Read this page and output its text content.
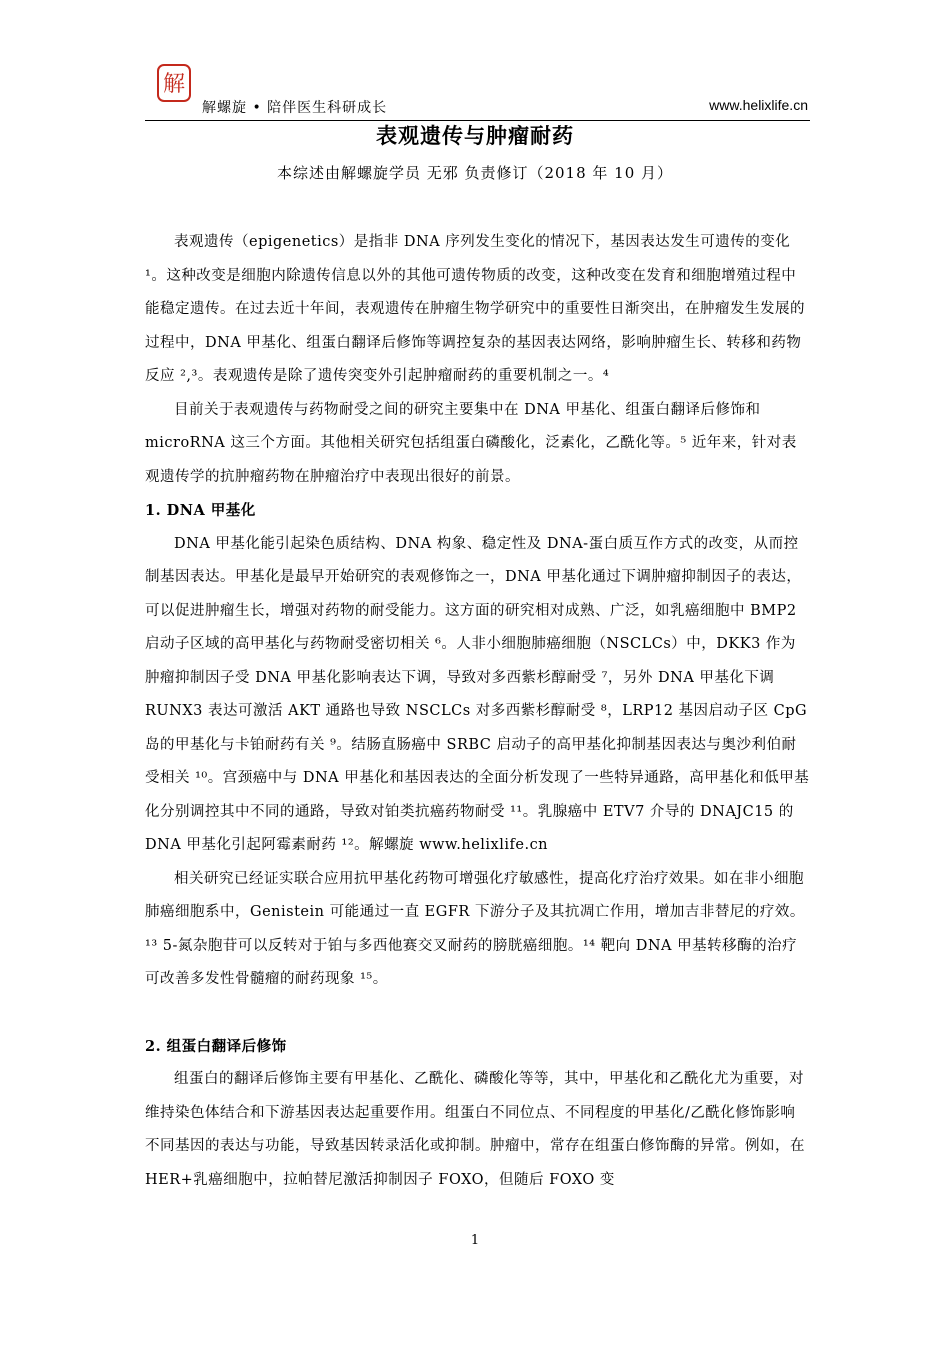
解
解螺旋 • 陪伴医生科研成长	www.helixlife.cn
表观遗传与肿瘤耐药
本综述由解螺旋学员 无邪 负责修订（2018 年 10 月）

表观遗传（epigenetics）是指非 DNA 序列发生变化的情况下，基因表达发生可遗传的变化 ¹。这种改变是细胞内除遗传信息以外的其他可遗传物质的改变，这种改变在发育和细胞增殖过程中能稳定遗传。在过去近十年间，表观遗传在肿瘤生物学研究中的重要性日渐突出，在肿瘤发生发展的过程中，DNA 甲基化、组蛋白翻译后修饰等调控复杂的基因表达网络，影响肿瘤生长、转移和药物反应 ²,³。表观遗传是除了遗传突变外引起肿瘤耐药的重要机制之一。⁴

目前关于表观遗传与药物耐受之间的研究主要集中在 DNA 甲基化、组蛋白翻译后修饰和 microRNA 这三个方面。其他相关研究包括组蛋白磷酸化，泛素化，乙酰化等。⁵ 近年来，针对表观遗传学的抗肿瘤药物在肿瘤治疗中表现出很好的前景。

1. DNA 甲基化

DNA 甲基化能引起染色质结构、DNA 构象、稳定性及 DNA-蛋白质互作方式的改变，从而控制基因表达。甲基化是最早开始研究的表观修饰之一，DNA 甲基化通过下调肿瘤抑制因子的表达，可以促进肿瘤生长，增强对药物的耐受能力。这方面的研究相对成熟、广泛，如乳癌细胞中 BMP2 启动子区域的高甲基化与药物耐受密切相关 ⁶。人非小细胞肺癌细胞（NSCLCs）中，DKK3 作为肿瘤抑制因子受 DNA 甲基化影响表达下调，导致对多西紫杉醇耐受 ⁷，另外 DNA 甲基化下调 RUNX3 表达可激活 AKT 通路也导致 NSCLCs 对多西紫杉醇耐受 ⁸，LRP12 基因启动子区 CpG 岛的甲基化与卡铂耐药有关 ⁹。结肠直肠癌中 SRBC 启动子的高甲基化抑制基因表达与奥沙利伯耐受相关 ¹⁰。宫颈癌中与 DNA 甲基化和基因表达的全面分析发现了一些特异通路，高甲基化和低甲基化分别调控其中不同的通路，导致对铂类抗癌药物耐受 ¹¹。乳腺癌中 ETV7 介导的 DNAJC15 的 DNA 甲基化引起阿霉素耐药 ¹²。解螺旋 www.helixlife.cn

相关研究已经证实联合应用抗甲基化药物可增强化疗敏感性，提高化疗治疗效果。如在非小细胞肺癌细胞系中，Genistein 可能通过一直 EGFR 下游分子及其抗凋亡作用，增加吉非替尼的疗效。¹³ 5-氮杂胞苷可以反转对于铂与多西他赛交叉耐药的膀胱癌细胞。¹⁴ 靶向 DNA 甲基转移酶的治疗可改善多发性骨髓瘤的耐药现象 ¹⁵。

2. 组蛋白翻译后修饰

组蛋白的翻译后修饰主要有甲基化、乙酰化、磷酸化等等，其中，甲基化和乙酰化尤为重要，对维持染色体结合和下游基因表达起重要作用。组蛋白不同位点、不同程度的甲基化/乙酰化修饰影响不同基因的表达与功能，导致基因转录活化或抑制。肿瘤中，常存在组蛋白修饰酶的异常。例如，在 HER+乳癌细胞中，拉帕替尼激活抑制因子 FOXO，但随后 FOXO 变

1
